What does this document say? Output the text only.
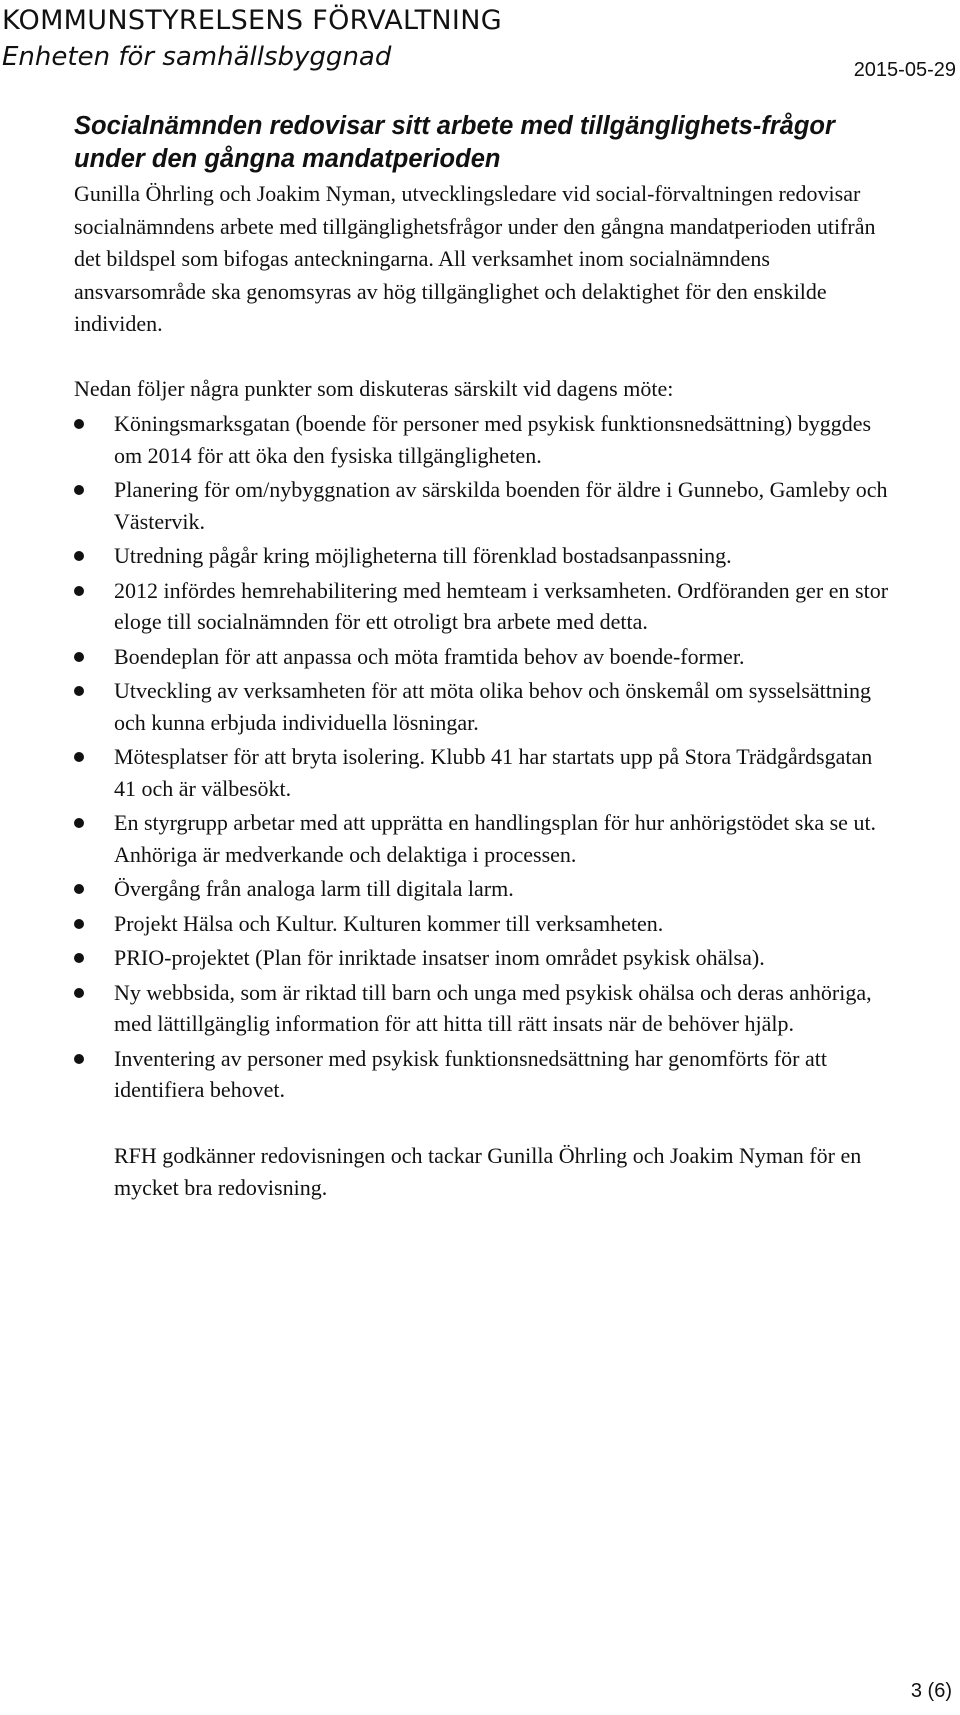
KOMMUNSTYRELSENS FÖRVALTNING
Enheten för samhällsbyggnad	2015-05-29
Socialnämnden redovisar sitt arbete med tillgänglighets-frågor under den gångna mandatperioden

Gunilla Öhrling och Joakim Nyman, utvecklingsledare vid social-förvaltningen redovisar socialnämndens arbete med tillgänglighetsfrågor under den gångna mandatperioden utifrån det bildspel som bifogas anteckningarna. All verksamhet inom socialnämndens ansvarsområde ska genomsyras av hög tillgänglighet och delaktighet för den enskilde individen.

Nedan följer några punkter som diskuteras särskilt vid dagens möte:

Köningsmarksgatan (boende för personer med psykisk funktionsnedsättning) byggdes om 2014 för att öka den fysiska tillgängligheten.
Planering för om/nybyggnation av särskilda boenden för äldre i Gunnebo, Gamleby och Västervik.
Utredning pågår kring möjligheterna till förenklad bostadsanpassning.
2012 infördes hemrehabilitering med hemteam i verksamheten. Ordföranden ger en stor eloge till socialnämnden för ett otroligt bra arbete med detta.
Boendeplan för att anpassa och möta framtida behov av boende-former.
Utveckling av verksamheten för att möta olika behov och önskemål om sysselsättning och kunna erbjuda individuella lösningar.
Mötesplatser för att bryta isolering. Klubb 41 har startats upp på Stora Trädgårdsgatan 41 och är välbesökt.
En styrgrupp arbetar med att upprätta en handlingsplan för hur anhörigstödet ska se ut. Anhöriga är medverkande och delaktiga i processen.
Övergång från analoga larm till digitala larm.
Projekt Hälsa och Kultur. Kulturen kommer till verksamheten.
PRIO-projektet (Plan för inriktade insatser inom området psykisk ohälsa).
Ny webbsida, som är riktad till barn och unga med psykisk ohälsa och deras anhöriga, med lättillgänglig information för att hitta till rätt insats när de behöver hjälp.
Inventering av personer med psykisk funktionsnedsättning har genomförts för att identifiera behovet.

RFH godkänner redovisningen och tackar Gunilla Öhrling och Joakim Nyman för en mycket bra redovisning.

3 (6)
